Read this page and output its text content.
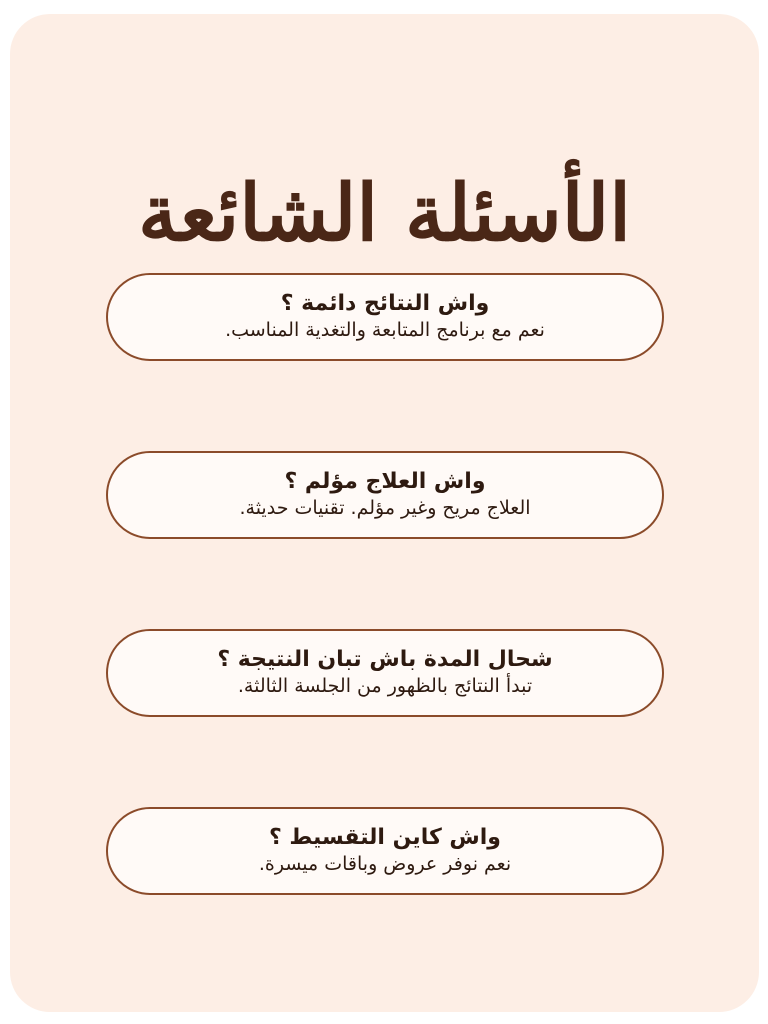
الأسئلة الشائعة
واش النتائج دائمة ؟
نعم مع برنامج المتابعة والتغدية المناسب.
واش العلاج مؤلم ؟
العلاج مريح وغير مؤلم. تقنيات حديثة.
شحال المدة باش تبان النتيجة ؟
تبدأ النتائج بالظهور من الجلسة الثالثة.
واش كاين التقسيط ؟
نعم نوفر عروض وباقات ميسرة.
